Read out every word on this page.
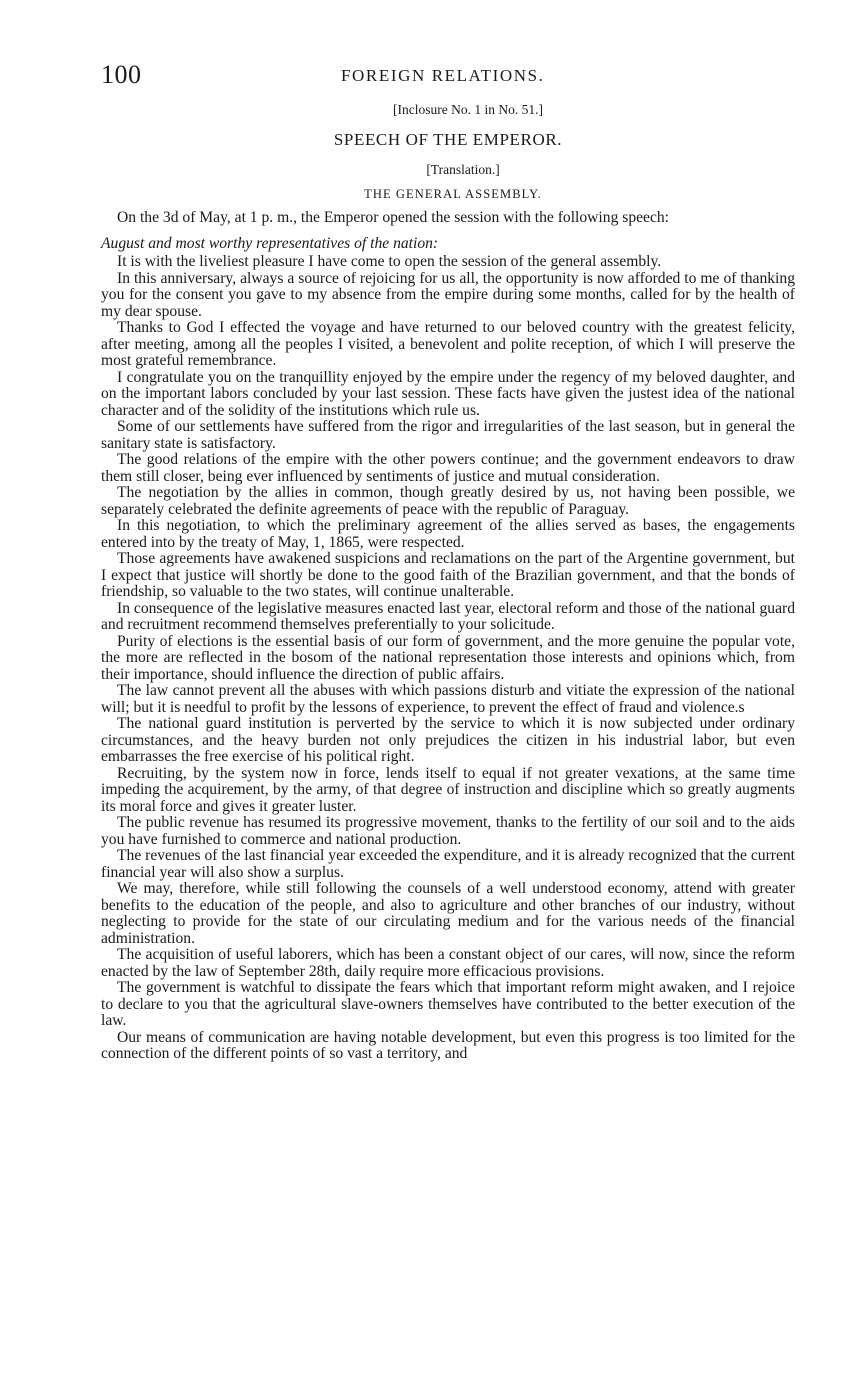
100	FOREIGN RELATIONS.
[Inclosure No. 1 in No. 51.]
SPEECH OF THE EMPEROR.
[Translation.]
THE GENERAL ASSEMBLY.

On the 3d of May, at 1 p. m., the Emperor opened the session with the following speech:

August and most worthy representatives of the nation:

It is with the liveliest pleasure I have come to open the session of the general assembly.

In this anniversary, always a source of rejoicing for us all, the opportunity is now afforded to me of thanking you for the consent you gave to my absence from the empire during some months, called for by the health of my dear spouse.

Thanks to God I effected the voyage and have returned to our beloved country with the greatest felicity, after meeting, among all the peoples I visited, a benevolent and polite reception, of which I will preserve the most grateful remembrance.

I congratulate you on the tranquillity enjoyed by the empire under the regency of my beloved daughter, and on the important labors concluded by your last session. These facts have given the justest idea of the national character and of the solidity of the institutions which rule us.

Some of our settlements have suffered from the rigor and irregularities of the last season, but in general the sanitary state is satisfactory.

The good relations of the empire with the other powers continue; and the government endeavors to draw them still closer, being ever influenced by sentiments of justice and mutual consideration.

The negotiation by the allies in common, though greatly desired by us, not having been possible, we separately celebrated the definite agreements of peace with the republic of Paraguay.

In this negotiation, to which the preliminary agreement of the allies served as bases, the engagements entered into by the treaty of May, 1, 1865, were respected.

Those agreements have awakened suspicions and reclamations on the part of the Argentine government, but I expect that justice will shortly be done to the good faith of the Brazilian government, and that the bonds of friendship, so valuable to the two states, will continue unalterable.

In consequence of the legislative measures enacted last year, electoral reform and those of the national guard and recruitment recommend themselves preferentially to your solicitude.

Purity of elections is the essential basis of our form of government, and the more genuine the popular vote, the more are reflected in the bosom of the national representation those interests and opinions which, from their importance, should influence the direction of public affairs.

The law cannot prevent all the abuses with which passions disturb and vitiate the expression of the national will; but it is needful to profit by the lessons of experience, to prevent the effect of fraud and violence.s

The national guard institution is perverted by the service to which it is now subjected under ordinary circumstances, and the heavy burden not only prejudices the citizen in his industrial labor, but even embarrasses the free exercise of his political right.

Recruiting, by the system now in force, lends itself to equal if not greater vexations, at the same time impeding the acquirement, by the army, of that degree of instruction and discipline which so greatly augments its moral force and gives it greater luster.

The public revenue has resumed its progressive movement, thanks to the fertility of our soil and to the aids you have furnished to commerce and national production.

The revenues of the last financial year exceeded the expenditure, and it is already recognized that the current financial year will also show a surplus.

We may, therefore, while still following the counsels of a well understood economy, attend with greater benefits to the education of the people, and also to agriculture and other branches of our industry, without neglecting to provide for the state of our circulating medium and for the various needs of the financial administration.

The acquisition of useful laborers, which has been a constant object of our cares, will now, since the reform enacted by the law of September 28th, daily require more efficacious provisions.

The government is watchful to dissipate the fears which that important reform might awaken, and I rejoice to declare to you that the agricultural slave-owners themselves have contributed to the better execution of the law.

Our means of communication are having notable development, but even this progress is too limited for the connection of the different points of so vast a territory, and
